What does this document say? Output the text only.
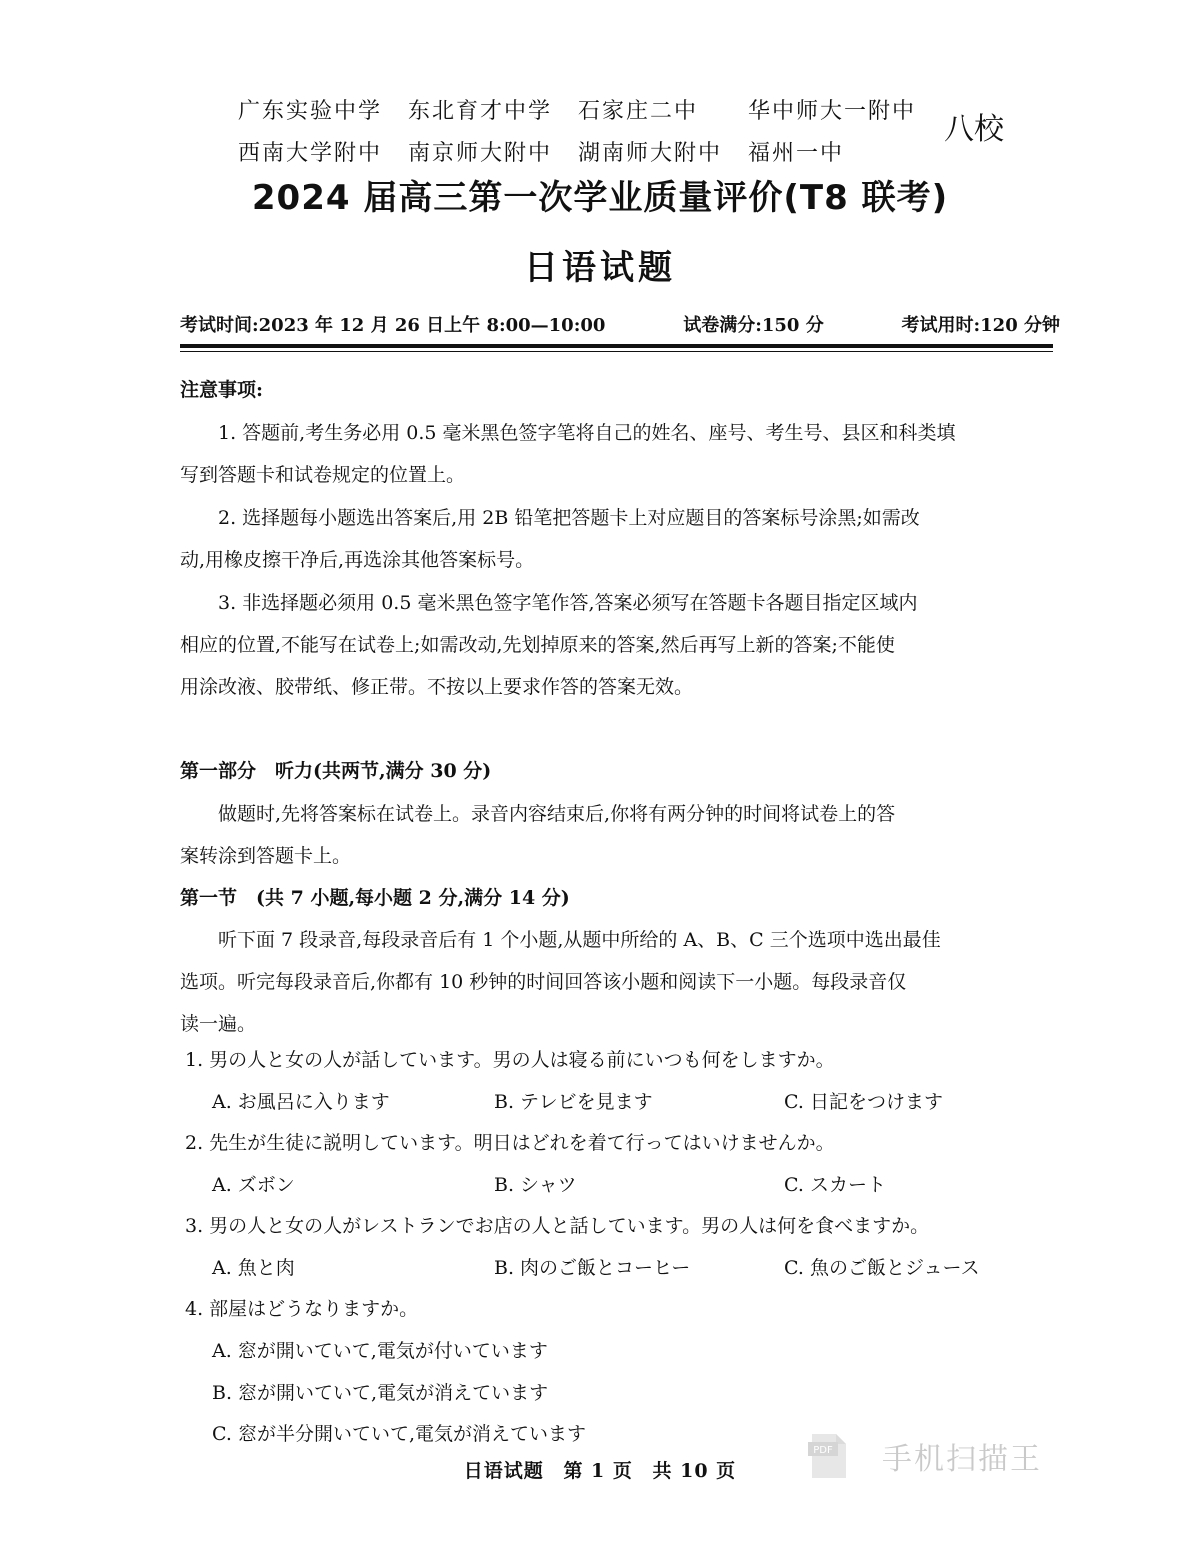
广东实验中学	东北育才中学	石家庄二中	华中师大一附中
西南大学附中	南京师大附中	湖南师大附中	福州一中
八校
2024 届高三第一次学业质量评价(T8 联考)
日语试题
考试时间:2023 年 12 月 26 日上午 8:00—10:00	试卷满分:150 分	考试用时:120 分钟
注意事项:
1. 答题前,考生务必用 0.5 毫米黑色签字笔将自己的姓名、座号、考生号、县区和科类填
写到答题卡和试卷规定的位置上。
2. 选择题每小题选出答案后,用 2B 铅笔把答题卡上对应题目的答案标号涂黑;如需改
动,用橡皮擦干净后,再选涂其他答案标号。
3. 非选择题必须用 0.5 毫米黑色签字笔作答,答案必须写在答题卡各题目指定区域内
相应的位置,不能写在试卷上;如需改动,先划掉原来的答案,然后再写上新的答案;不能使
用涂改液、胶带纸、修正带。不按以上要求作答的答案无效。
第一部分　听力(共两节,满分 30 分)
做题时,先将答案标在试卷上。录音内容结束后,你将有两分钟的时间将试卷上的答
案转涂到答题卡上。
第一节　(共 7 小题,每小题 2 分,满分 14 分)
听下面 7 段录音,每段录音后有 1 个小题,从题中所给的 A、B、C 三个选项中选出最佳
选项。听完每段录音后,你都有 10 秒钟的时间回答该小题和阅读下一小题。每段录音仅
读一遍。
1. 男の人と女の人が話しています。男の人は寝る前にいつも何をしますか。
A. お風呂に入ります	B. テレビを見ます	C. 日記をつけます
2. 先生が生徒に説明しています。明日はどれを着て行ってはいけませんか。
A. ズボン	B. シャツ	C. スカート
3. 男の人と女の人がレストランでお店の人と話しています。男の人は何を食べますか。
A. 魚と肉	B. 肉のご飯とコーヒー	C. 魚のご飯とジュース
4. 部屋はどうなりますか。
A. 窓が開いていて,電気が付いています
B. 窓が開いていて,電気が消えています
C. 窓が半分開いていて,電気が消えています
PDF 手机扫描王
日语试题 第 1 页 共 10 页
